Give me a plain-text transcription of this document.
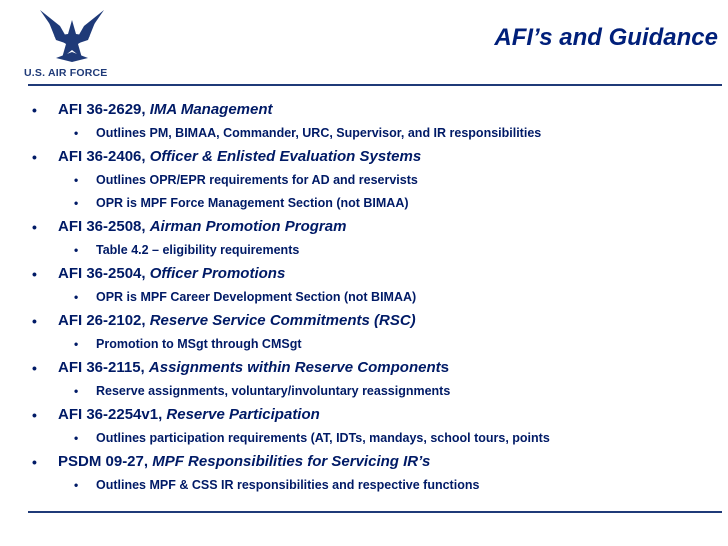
U.S. AIR FORCE
AFI’s and Guidance
• AFI 36-2629, IMA Management
• Outlines PM, BIMAA, Commander, URC, Supervisor, and IR responsibilities
• AFI 36-2406, Officer & Enlisted Evaluation Systems
• Outlines OPR/EPR requirements for AD and reservists
• OPR is MPF Force Management Section (not BIMAA)
• AFI 36-2508, Airman Promotion Program
• Table 4.2 – eligibility requirements
• AFI 36-2504, Officer Promotions
• OPR is MPF Career Development Section (not BIMAA)
• AFI 26-2102, Reserve Service Commitments (RSC)
• Promotion to MSgt through CMSgt
• AFI 36-2115, Assignments within Reserve Components
• Reserve assignments, voluntary/involuntary reassignments
• AFI 36-2254v1, Reserve Participation
• Outlines participation requirements (AT, IDTs, mandays, school tours, points
• PSDM 09-27, MPF Responsibilities for Servicing IR’s
• Outlines MPF & CSS IR responsibilities and respective functions
